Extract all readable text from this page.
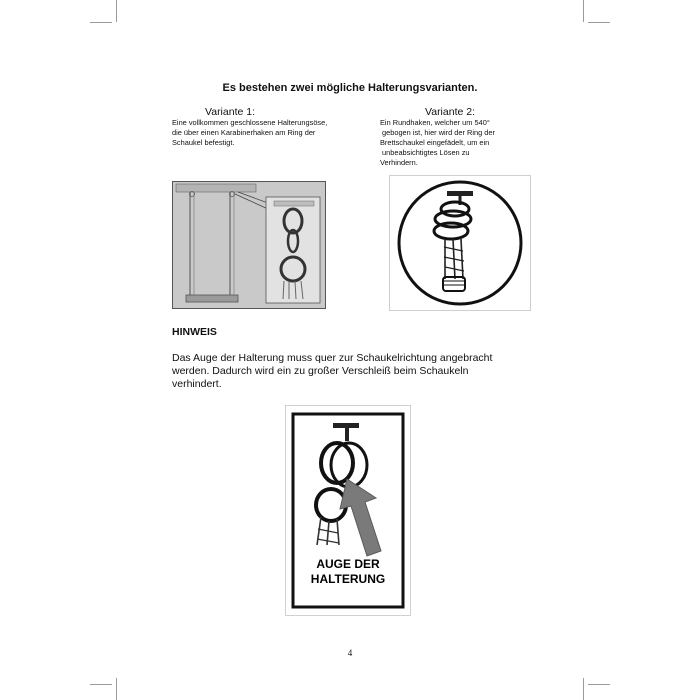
Es bestehen zwei mögliche Halterungsvarianten.
Variante 1:
Eine vollkommen geschlossene Halterungsöse,
die über einen Karabinerhaken am Ring der
Schaukel befestigt.
Variante 2:
Ein Rundhaken, welcher um 540°
gebogen ist, hier wird der Ring der
Brettschaukel eingefädelt, um ein
unbeabsichtigtes Lösen zu
Verhindern.
HINWEIS
Das Auge der Halterung muss quer zur Schaukelrichtung angebracht
werden. Dadurch wird ein zu großer Verschleiß beim Schaukeln
verhindert.
AUGE DER
HALTERUNG
4
